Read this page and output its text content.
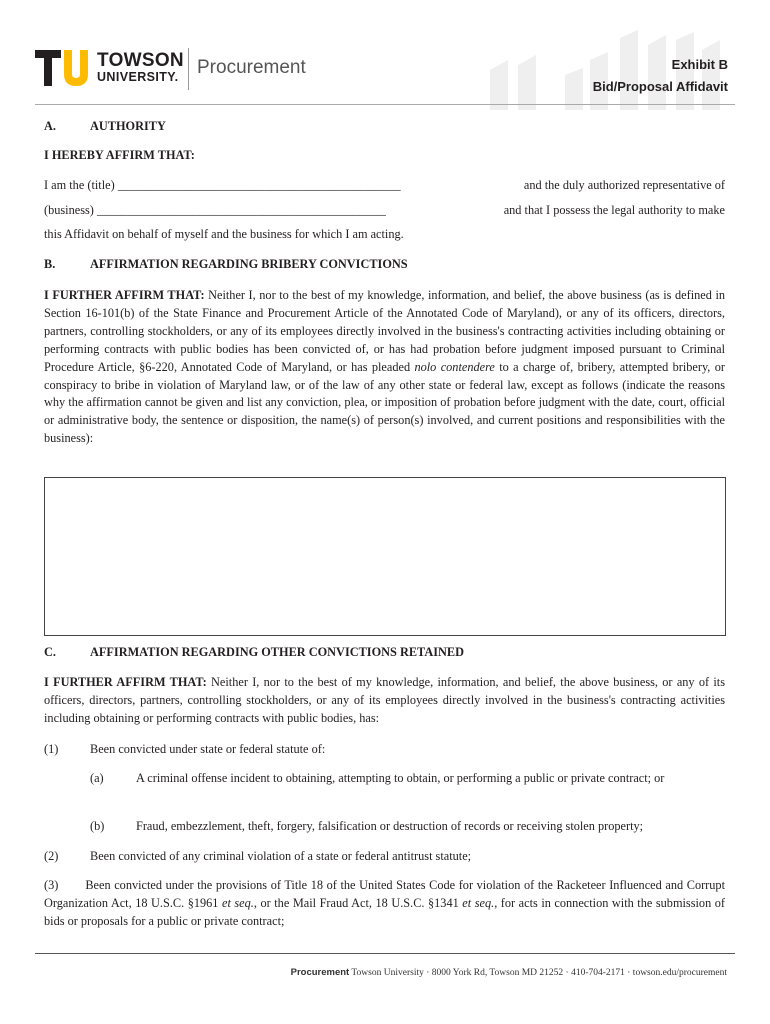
TOWSON
UNIVERSITY. Procurement	Exhibit B
Bid/Proposal Affidavit
A.	AUTHORITY
I HEREBY AFFIRM THAT:
I am the (title) ______________________________________________	and the duly authorized representative of
(business) _______________________________________________	and that I possess the legal authority to make
this Affidavit on behalf of myself and the business for which I am acting.
B.	AFFIRMATION REGARDING BRIBERY CONVICTIONS
I FURTHER AFFIRM THAT: Neither I, nor to the best of my knowledge, information, and belief, the above business (as is defined in Section 16-101(b) of the State Finance and Procurement Article of the Annotated Code of Maryland), or any of its officers, directors, partners, controlling stockholders, or any of its employees directly involved in the business's contracting activities including obtaining or performing contracts with public bodies has been convicted of, or has had probation before judgment imposed pursuant to Criminal Procedure Article, §6-220, Annotated Code of Maryland, or has pleaded nolo contendere to a charge of, bribery, attempted bribery, or conspiracy to bribe in violation of Maryland law, or of the law of any other state or federal law, except as follows (indicate the reasons why the affirmation cannot be given and list any conviction, plea, or imposition of probation before judgment with the date, court, official or administrative body, the sentence or disposition, the name(s) of person(s) involved, and current positions and responsibilities with the business):
C.	AFFIRMATION REGARDING OTHER CONVICTIONS RETAINED
I FURTHER AFFIRM THAT: Neither I, nor to the best of my knowledge, information, and belief, the above business, or any of its officers, directors, partners, controlling stockholders, or any of its employees directly involved in the business's contracting activities including obtaining or performing contracts with public bodies, has:
(1)	Been convicted under state or federal statute of:
(a)	A criminal offense incident to obtaining, attempting to obtain, or performing a public or private contract; or
(b)	Fraud, embezzlement, theft, forgery, falsification or destruction of records or receiving stolen property;
(2)	Been convicted of any criminal violation of a state or federal antitrust statute;
(3) Been convicted under the provisions of Title 18 of the United States Code for violation of the Racketeer Influenced and Corrupt Organization Act, 18 U.S.C. §1961 et seq., or the Mail Fraud Act, 18 U.S.C. §1341 et seq., for acts in connection with the submission of bids or proposals for a public or private contract;
Procurement Towson University · 8000 York Rd, Towson MD 21252 · 410-704-2171 · towson.edu/procurement
